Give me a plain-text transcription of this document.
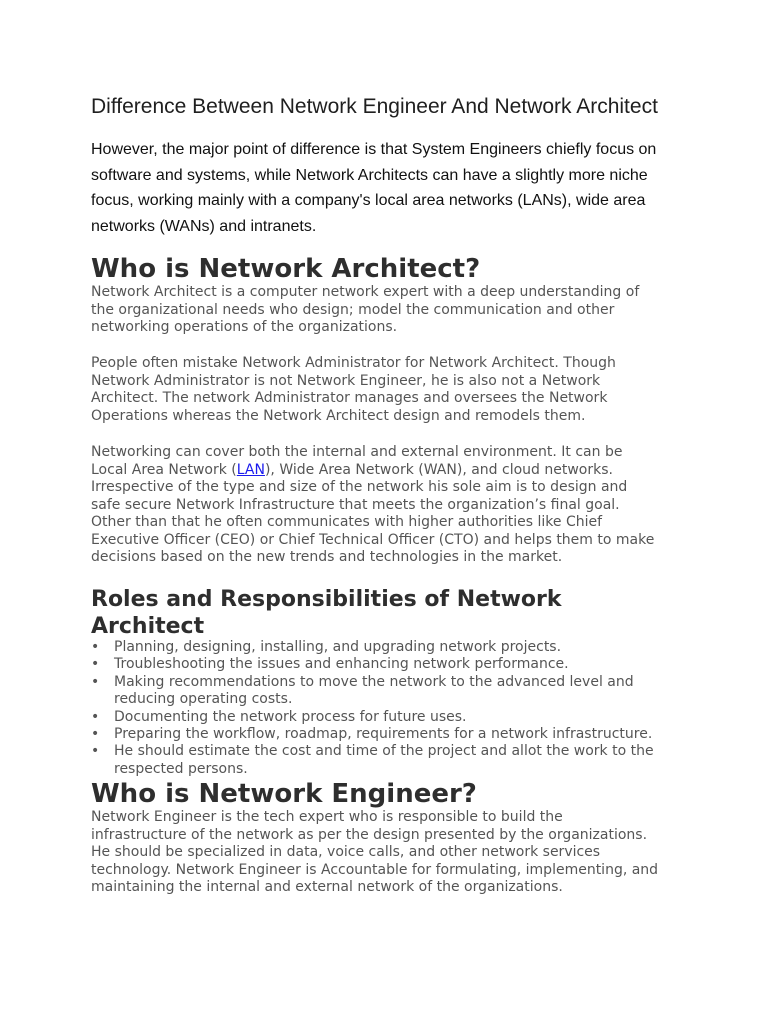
Difference Between Network Engineer And Network Architect
However, the major point of difference is that System Engineers chiefly focus on
software and systems, while Network Architects can have a slightly more niche
focus, working mainly with a company's local area networks (LANs), wide area
networks (WANs) and intranets.
Who is Network Architect?
Network Architect is a computer network expert with a deep understanding of
the organizational needs who design; model the communication and other
networking operations of the organizations.
People often mistake Network Administrator for Network Architect. Though
Network Administrator is not Network Engineer, he is also not a Network
Architect. The network Administrator manages and oversees the Network
Operations whereas the Network Architect design and remodels them.
Networking can cover both the internal and external environment. It can be
Local Area Network (LAN), Wide Area Network (WAN), and cloud networks.
Irrespective of the type and size of the network his sole aim is to design and
safe secure Network Infrastructure that meets the organization’s final goal.
Other than that he often communicates with higher authorities like Chief
Executive Officer (CEO) or Chief Technical Officer (CTO) and helps them to make
decisions based on the new trends and technologies in the market.
Roles and Responsibilities of Network
Architect
• Planning, designing, installing, and upgrading network projects.
• Troubleshooting the issues and enhancing network performance.
• Making recommendations to move the network to the advanced level and
reducing operating costs.
• Documenting the network process for future uses.
• Preparing the workflow, roadmap, requirements for a network infrastructure.
• He should estimate the cost and time of the project and allot the work to the
respected persons.
Who is Network Engineer?
Network Engineer is the tech expert who is responsible to build the
infrastructure of the network as per the design presented by the organizations.
He should be specialized in data, voice calls, and other network services
technology. Network Engineer is Accountable for formulating, implementing, and
maintaining the internal and external network of the organizations.
